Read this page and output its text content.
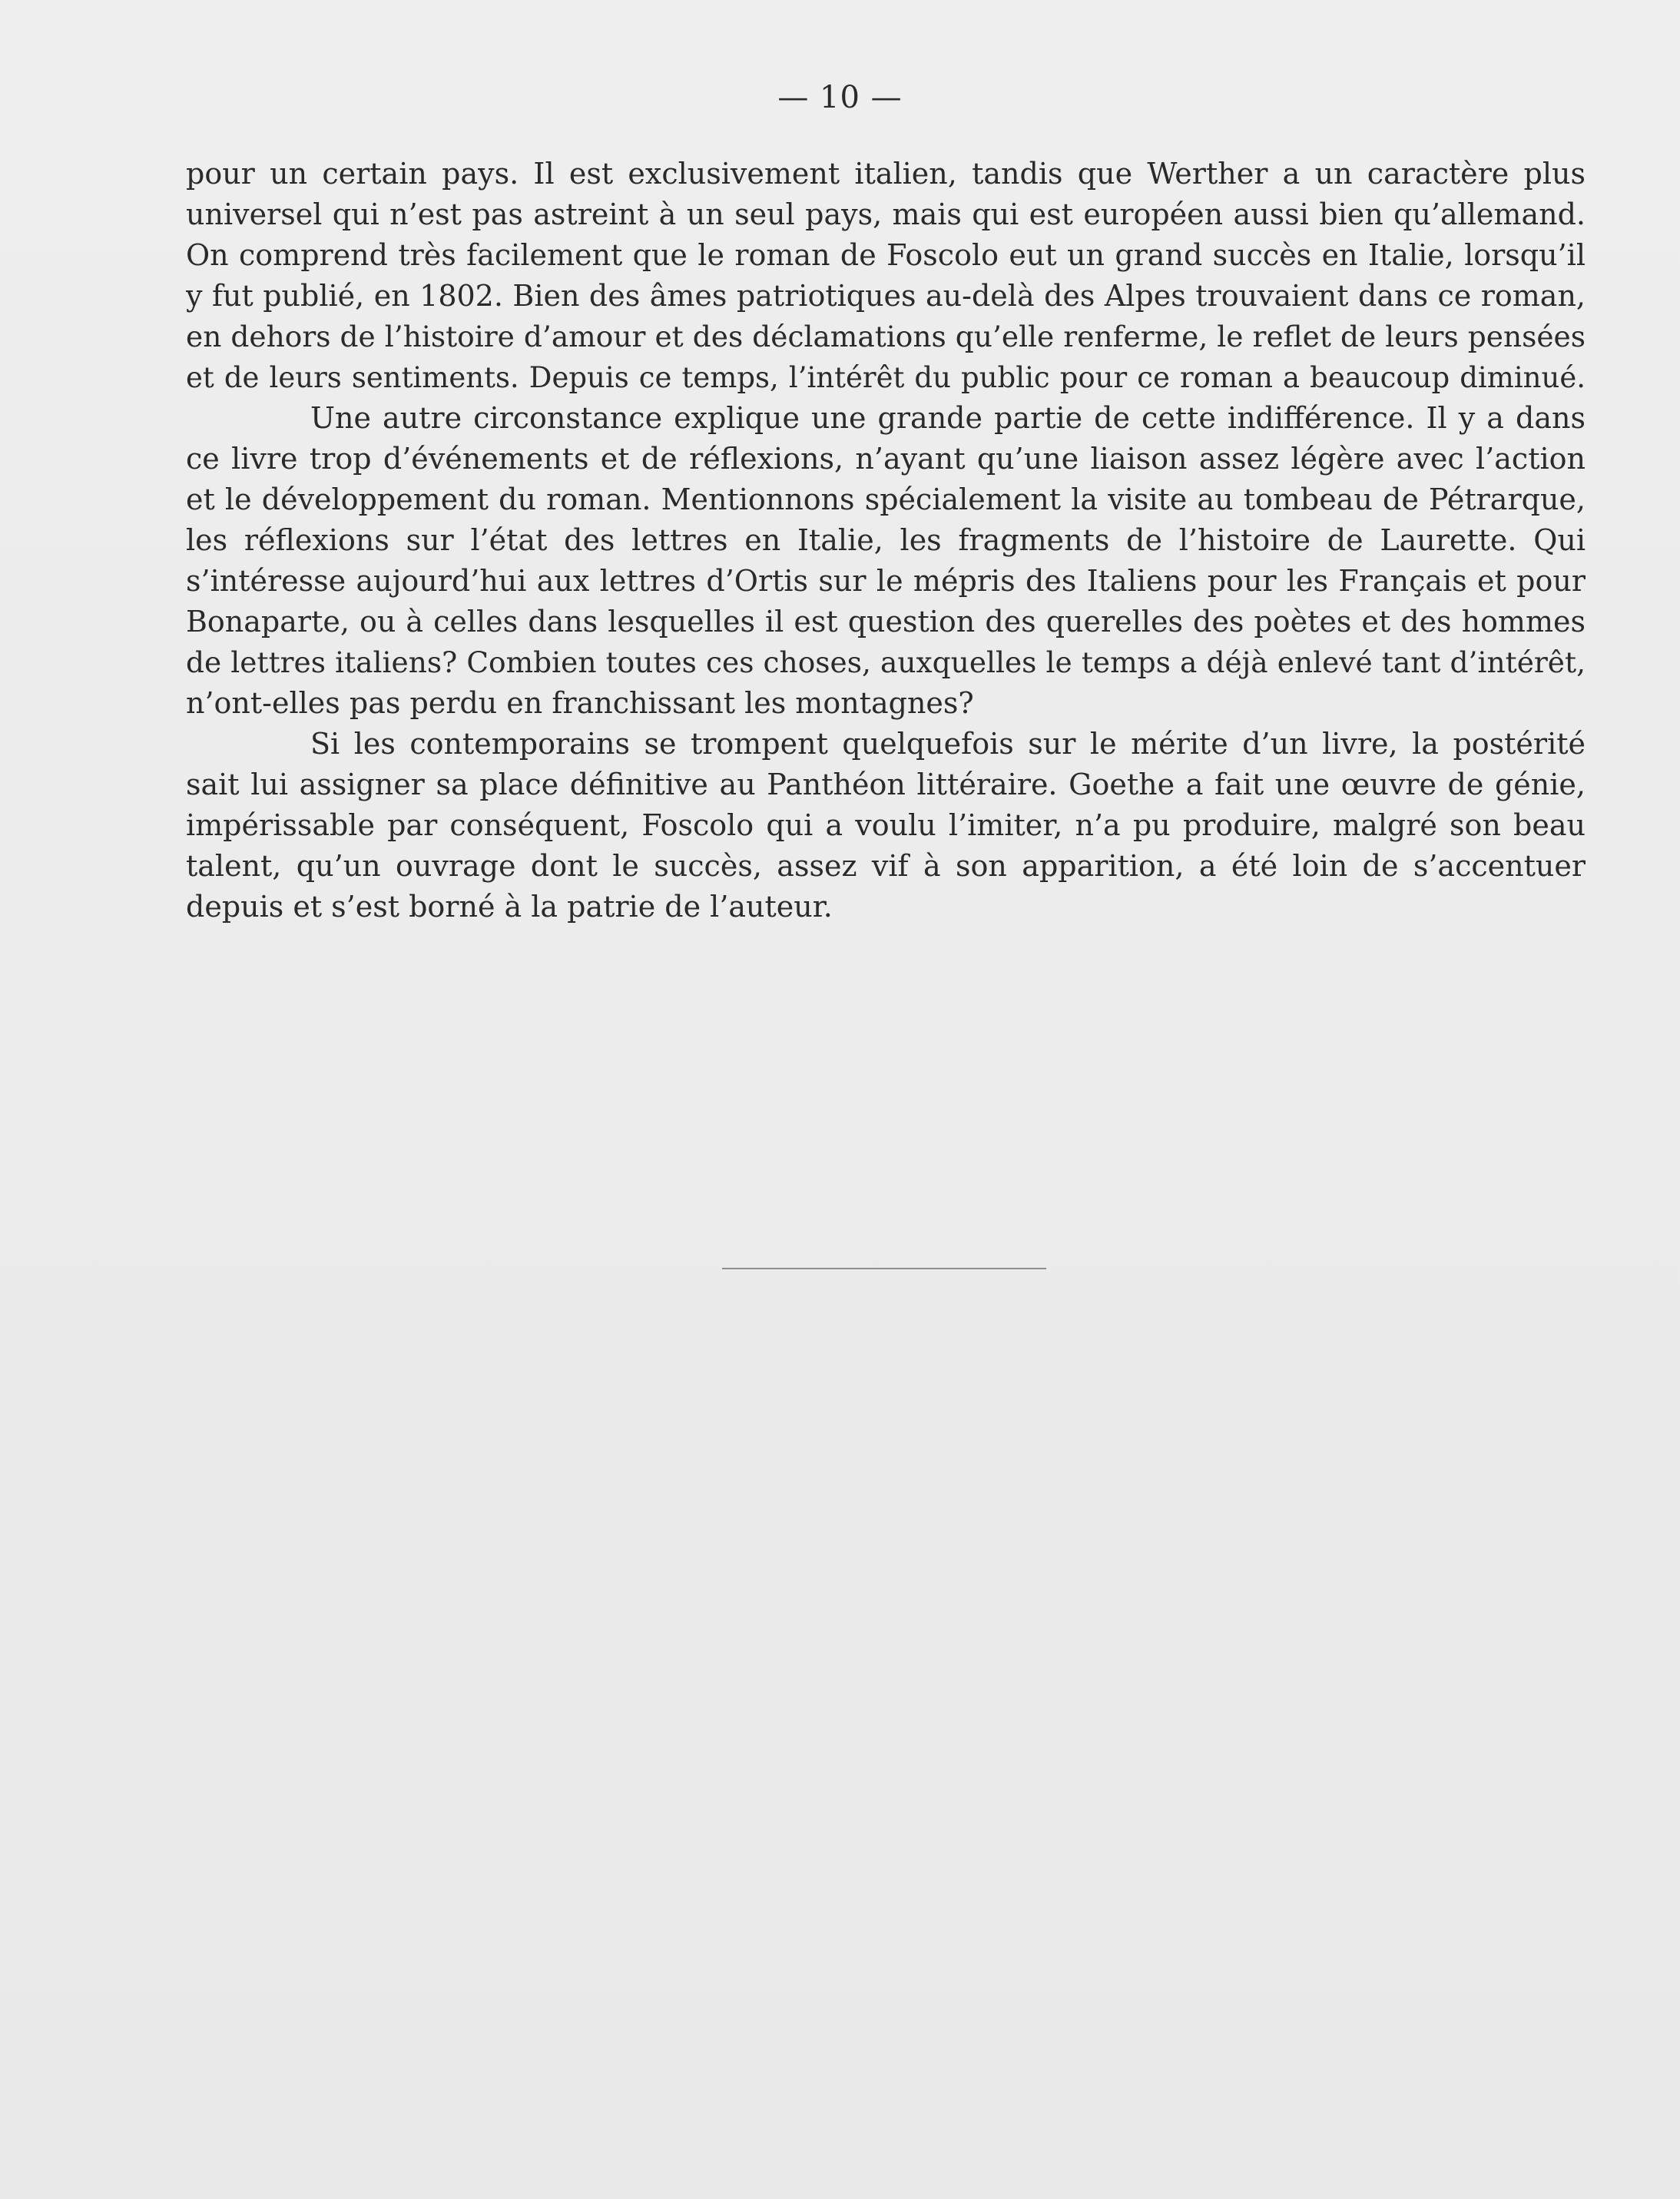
— 10 —
pour un certain pays. Il est exclusivement italien, tandis que Werther a un caractère plus
universel qui n’est pas astreint à un seul pays, mais qui est européen aussi bien qu’allemand.
On comprend très facilement que le roman de Foscolo eut un grand succès en Italie, lorsqu’il
y fut publié, en 1802. Bien des âmes patriotiques au-delà des Alpes trouvaient dans ce roman,
en dehors de l’histoire d’amour et des déclamations qu’elle renferme, le reflet de leurs pensées
et de leurs sentiments. Depuis ce temps, l’intérêt du public pour ce roman a beaucoup diminué.
Une autre circonstance explique une grande partie de cette indifférence. Il y a dans
ce livre trop d’événements et de réflexions, n’ayant qu’une liaison assez légère avec l’action
et le développement du roman. Mentionnons spécialement la visite au tombeau de Pétrarque,
les réflexions sur l’état des lettres en Italie, les fragments de l’histoire de Laurette. Qui
s’intéresse aujourd’hui aux lettres d’Ortis sur le mépris des Italiens pour les Français et pour
Bonaparte, ou à celles dans lesquelles il est question des querelles des poètes et des hommes
de lettres italiens? Combien toutes ces choses, auxquelles le temps a déjà enlevé tant d’intérêt,
n’ont-elles pas perdu en franchissant les montagnes?
Si les contemporains se trompent quelquefois sur le mérite d’un livre, la postérité
sait lui assigner sa place définitive au Panthéon littéraire. Goethe a fait une œuvre de génie,
impérissable par conséquent, Foscolo qui a voulu l’imiter, n’a pu produire, malgré son beau
talent, qu’un ouvrage dont le succès, assez vif à son apparition, a été loin de s’accentuer
depuis et s’est borné à la patrie de l’auteur.
